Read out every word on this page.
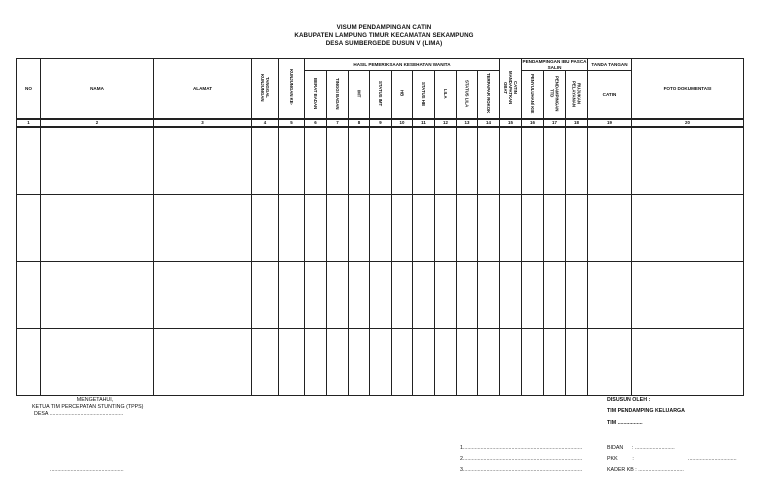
VISUM PENDAMPINGAN CATIN
KABUPATEN LAMPUNG TIMUR KECAMATAN SEKAMPUNG
DESA SUMBERGEDE DUSUN V (LIMA)
NO	NAMA	ALAMAT	TANGGAL KUNJUNGAN	KUNJUNGAN KE-	HASIL PEMERIKSAAN KESEHATAN WANITA									CATIN MANDAPATKAN OBAT	PENDAMPINGAN IBU PASCA SALIN			TANDA TANGAN	FOTO DOKUMENTASI
					BERAT BADAN	TINGGI BADAN	IMT	STATUS IMT	HB	STATUS HB	LILA	STATUS LILA	TERPAPAR ROKOK		PENYULUHAN/ KIE	PENDAMPINGAN TTD	RUJUKAN PELAYANAN	CATIN	
1	2	3	4	5	6	7	8	9	10	11	12	13	14	15	16	17	18	19	20

MENGETAHUI,
KETUA TIM PERCEPATAN STUNTING (TPPS)
DESA ..................................................
..................................................
1.................................................................................
2.................................................................................
3.................................................................................
DISUSUN OLEH :
TIM PENDAMPING KELUARGA
TIM .................
BIDAN      : ...........................
PKK          :	.................................
KADER KB : ...............................
